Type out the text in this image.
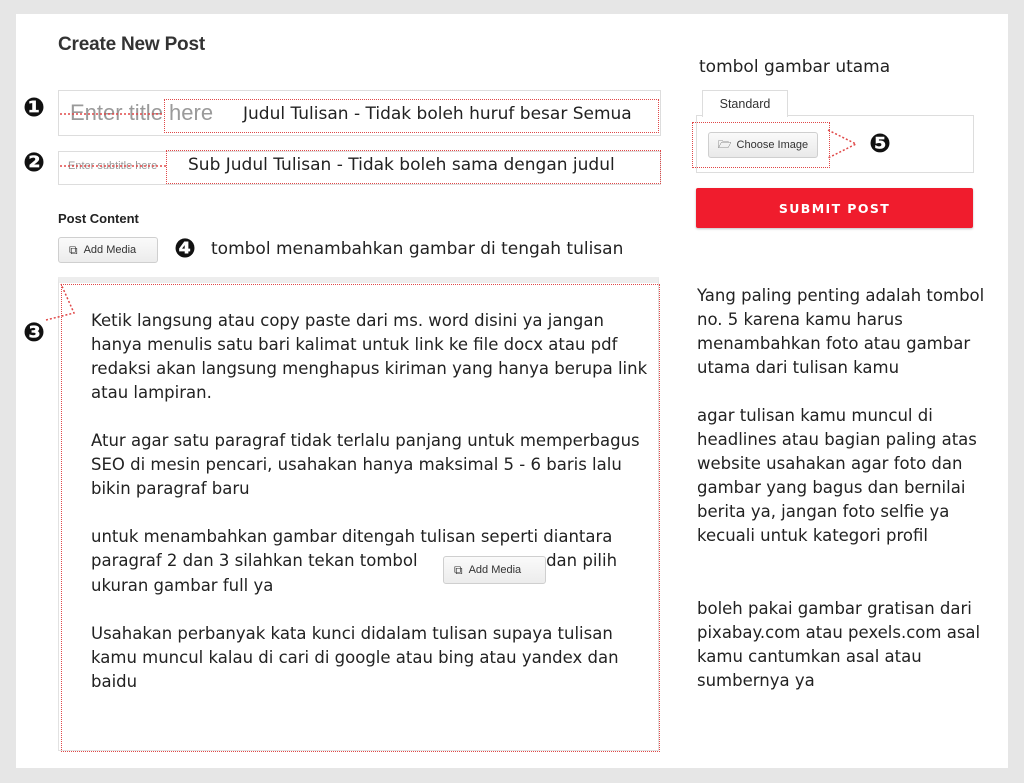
Create New Post
Enter title here Judul Tulisan - Tidak boleh huruf besar Semua
❶
Enter subtitle here Sub Judul Tulisan - Tidak boleh sama dengan judul
❷
Post Content
⧉ Add Media ❹ tombol menambahkan gambar di tengah tulisan
❸	Ketik langsung atau copy paste dari ms. word disini ya jangan hanya menulis satu bari kalimat untuk link ke file docx atau pdf redaksi akan langsung menghapus kiriman yang hanya berupa link atau lampiran.
Atur agar satu paragraf tidak terlalu panjang untuk memperbagus SEO di mesin pencari, usahakan hanya maksimal 5 - 6 baris lalu bikin paragraf baru
untuk menambahkan gambar ditengah tulisan seperti diantara paragraf 2 dan 3 silahkan tekan tombol	dan pilih ukuran gambar full ya
⧉ Add Media
Usahakan perbanyak kata kunci didalam tulisan supaya tulisan kamu muncul kalau di cari di google atau bing atau yandex dan baidu
tombol gambar utama
Standard
🗁 Choose Image ❺
SUBMIT POST
Yang paling penting adalah tombol no. 5 karena kamu harus menambahkan foto atau gambar utama dari tulisan kamu
agar tulisan kamu muncul di headlines atau bagian paling atas website usahakan agar foto dan gambar yang bagus dan bernilai berita ya, jangan foto selfie ya kecuali untuk kategori profil
boleh pakai gambar gratisan dari pixabay.com atau pexels.com asal kamu cantumkan asal atau sumbernya ya
